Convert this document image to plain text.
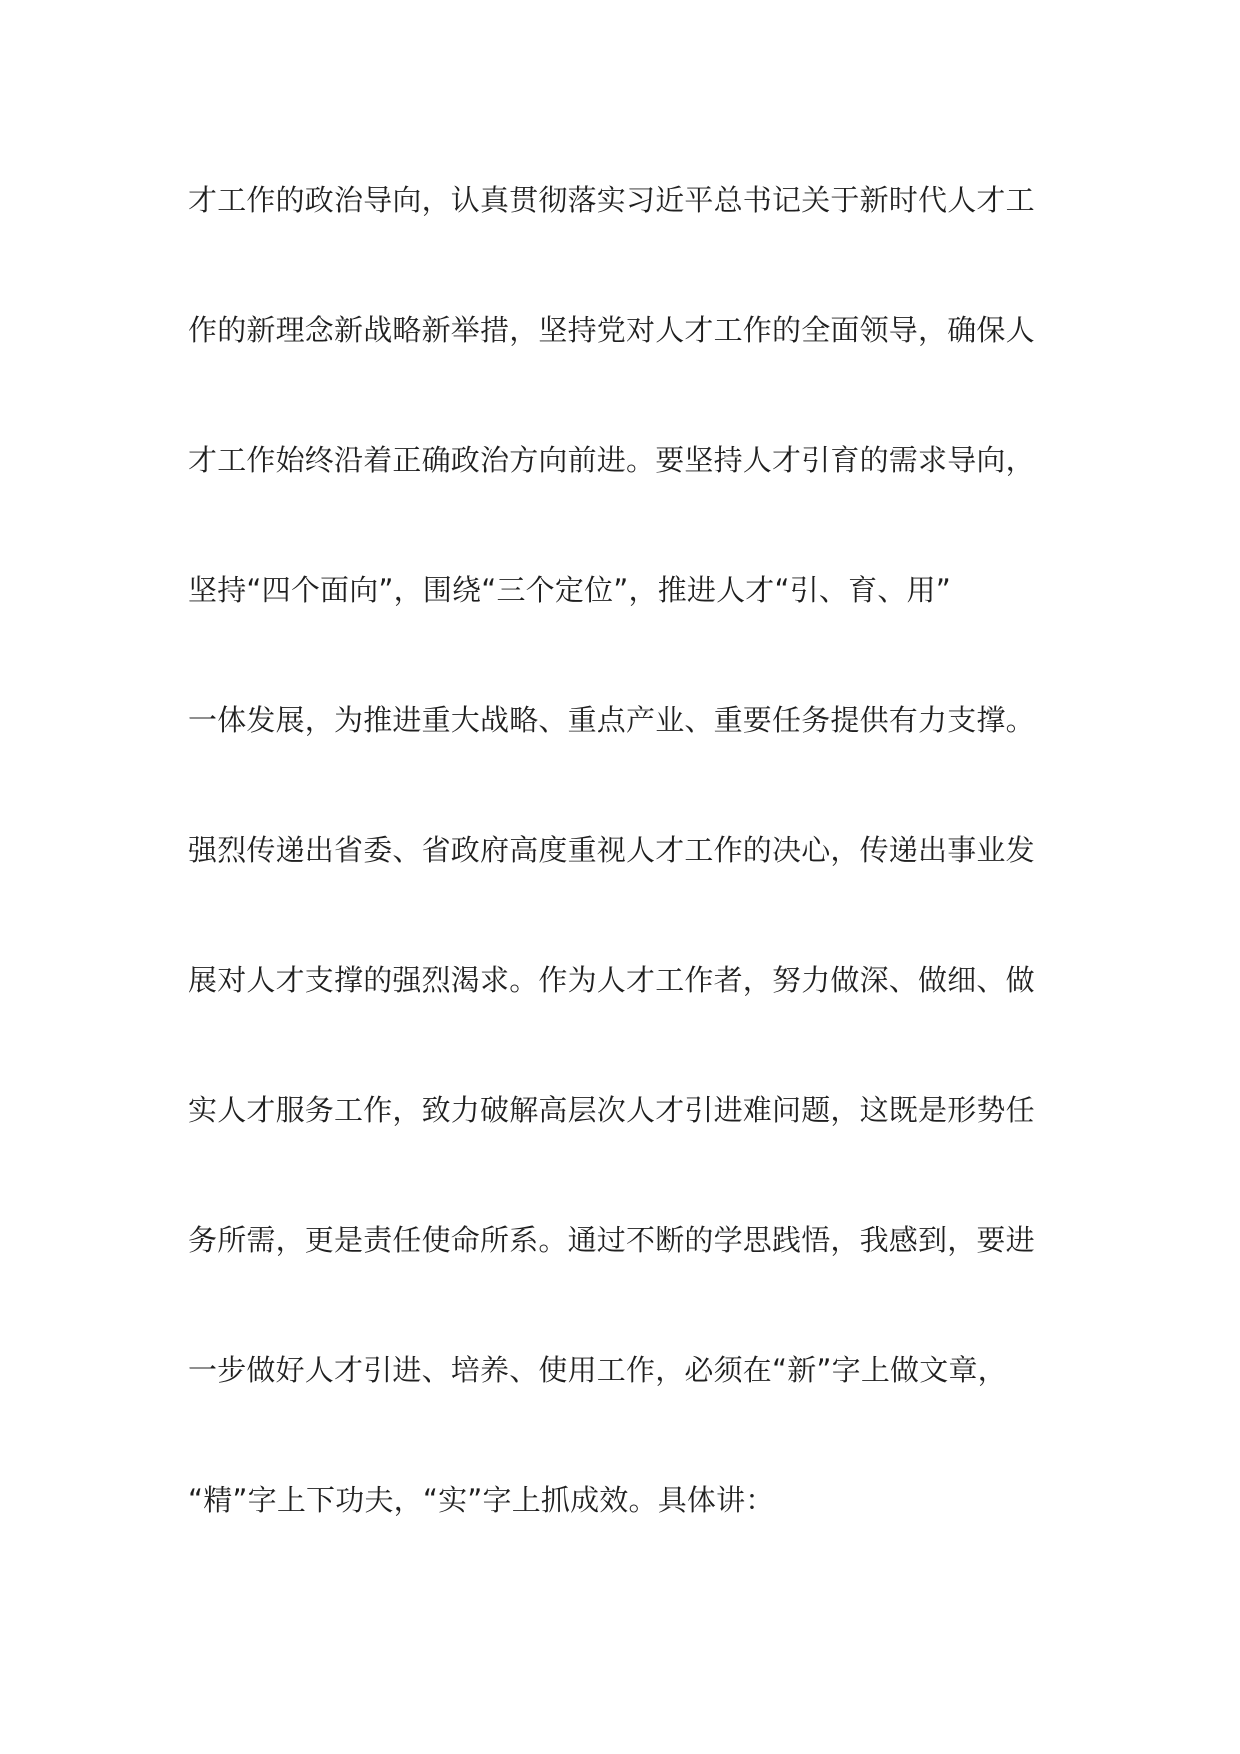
才工作的政治导向，认真贯彻落实习近平总书记关于新时代人才工
作的新理念新战略新举措，坚持党对人才工作的全面领导，确保人
才工作始终沿着正确政治方向前进。要坚持人才引育的需求导向，
坚持“四个面向”，围绕“三个定位”，推进人才“引、育、用”
一体发展，为推进重大战略、重点产业、重要任务提供有力支撑。
强烈传递出省委、省政府高度重视人才工作的决心，传递出事业发
展对人才支撑的强烈渴求。作为人才工作者，努力做深、做细、做
实人才服务工作，致力破解高层次人才引进难问题，这既是形势任
务所需，更是责任使命所系。通过不断的学思践悟，我感到，要进
一步做好人才引进、培养、使用工作，必须在“新”字上做文章，
“精”字上下功夫，“实”字上抓成效。具体讲：
